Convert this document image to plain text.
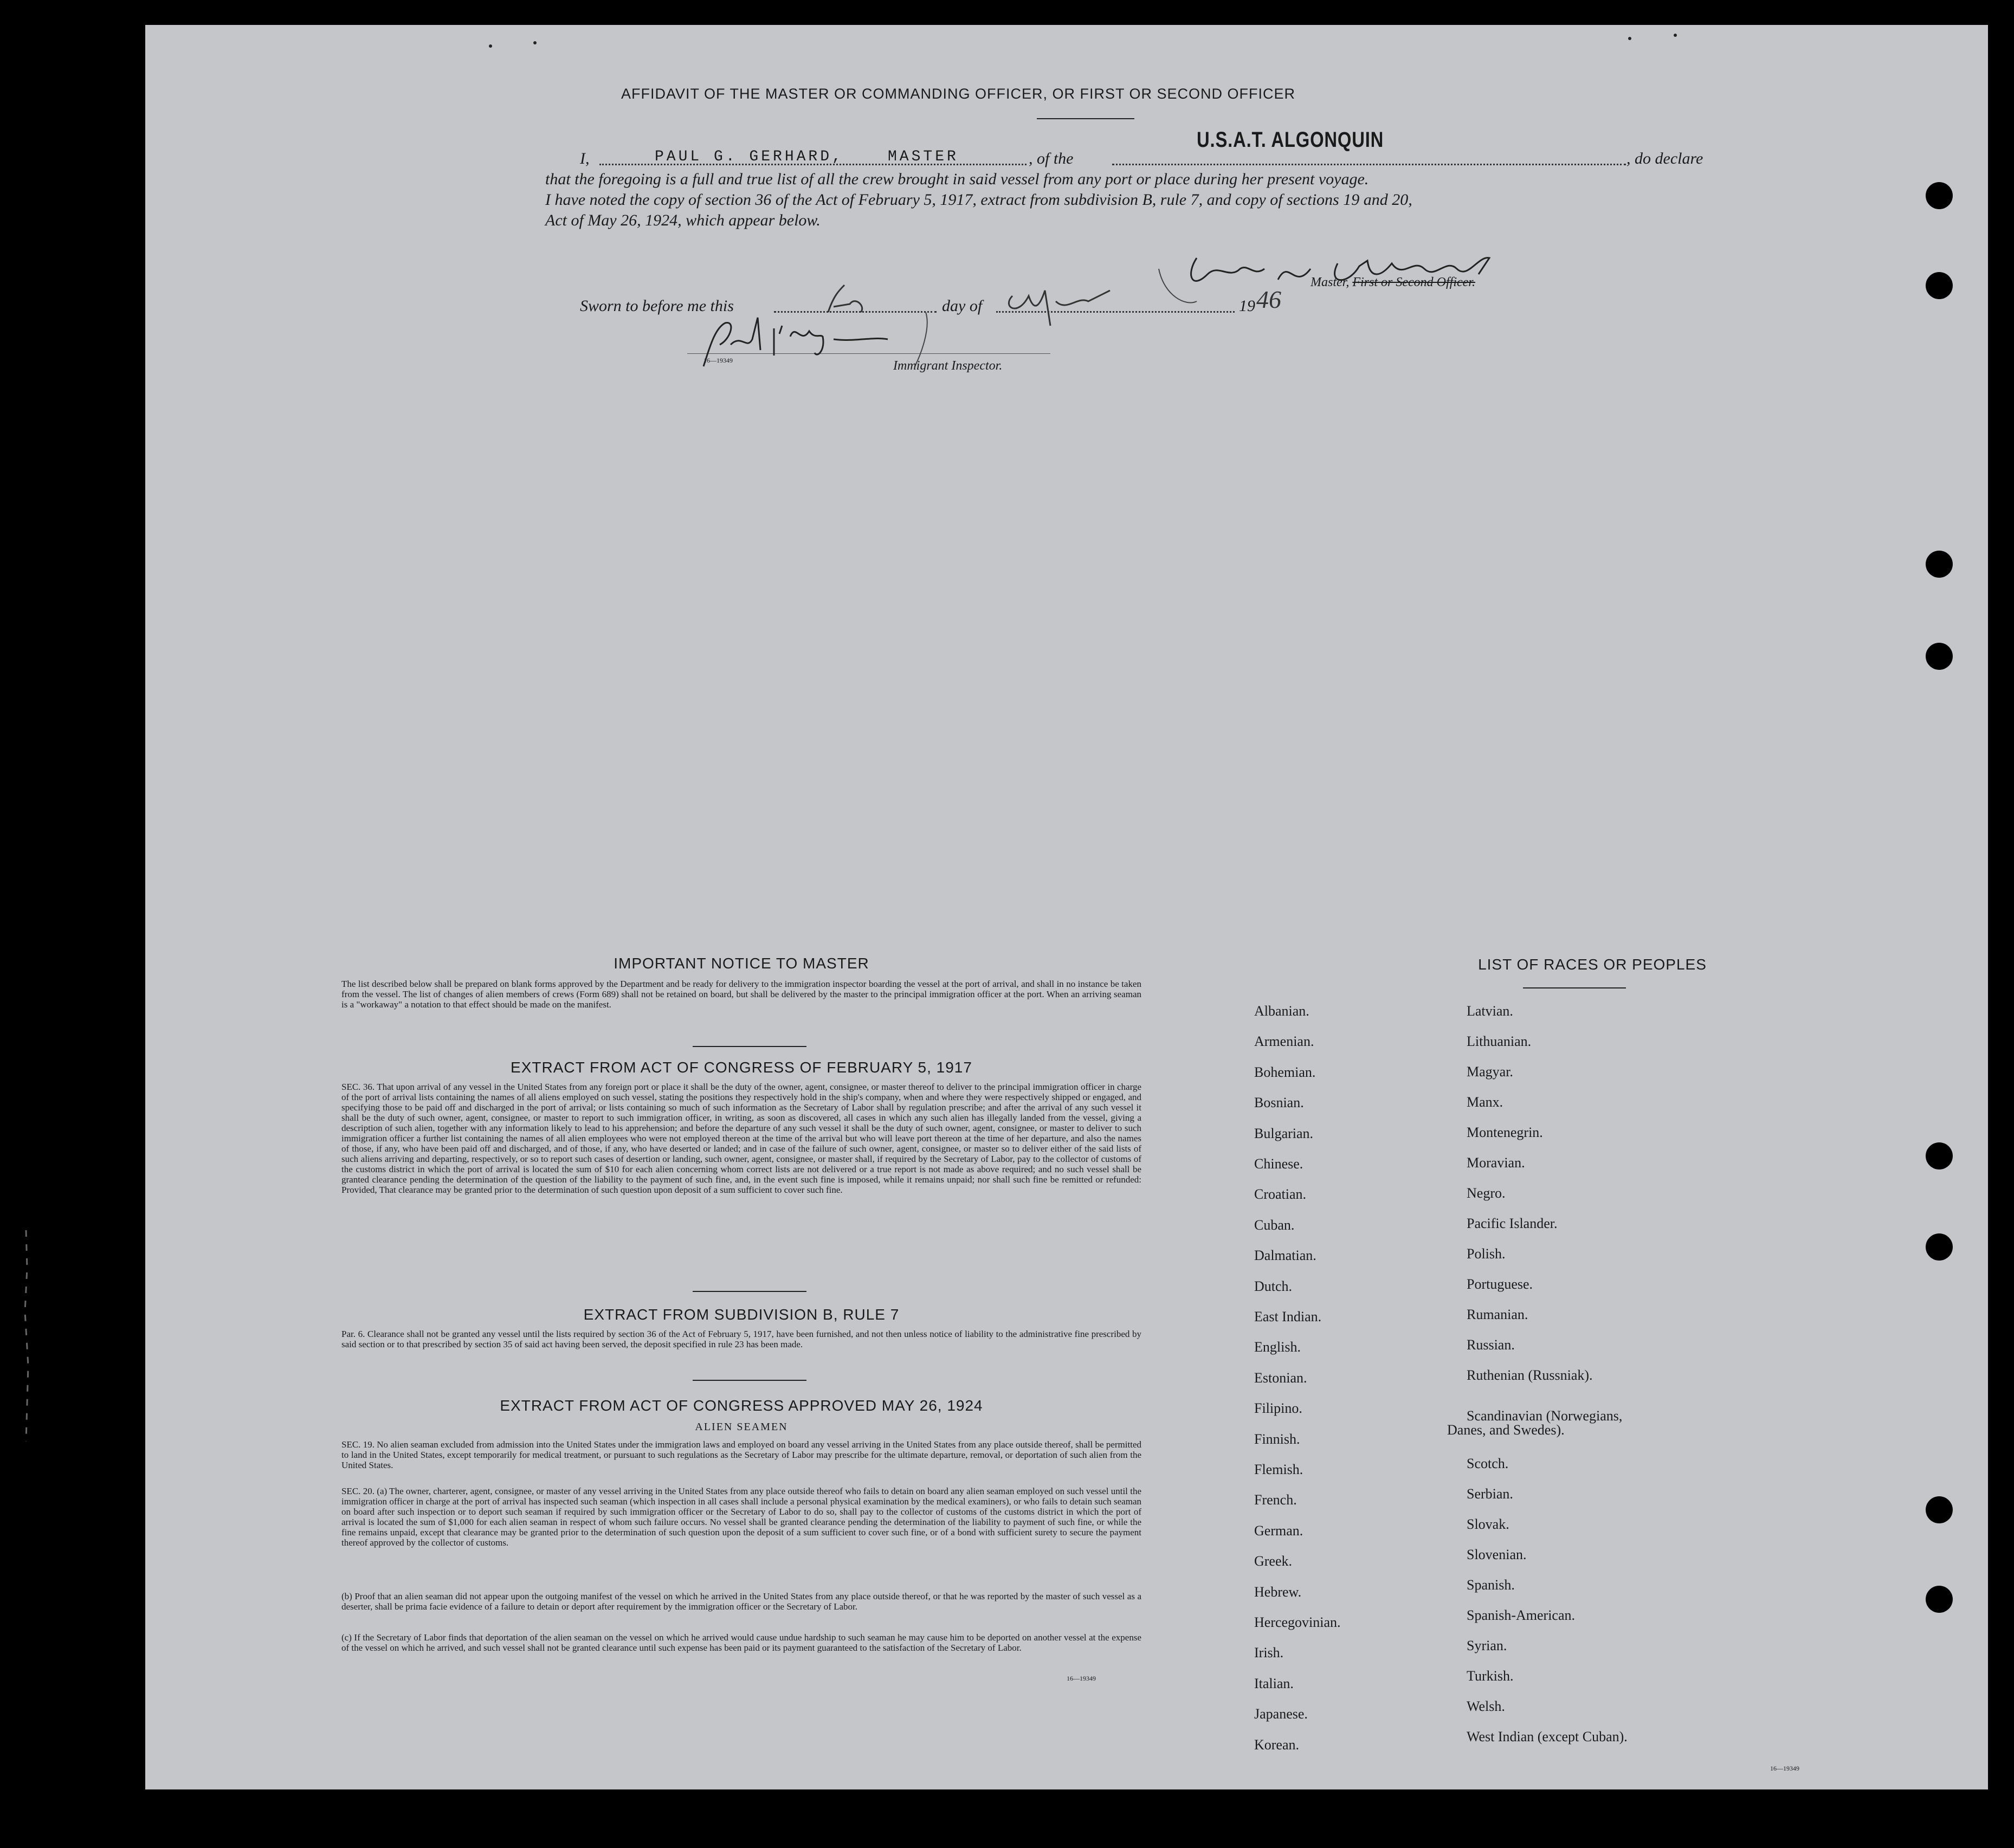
AFFIDAVIT OF THE MASTER OR COMMANDING OFFICER, OR FIRST OR SECOND OFFICER
I,	PAUL G. GERHARD,	MASTER	, of the
U.S.A.T. ALGONQUIN
, do declare
that the foregoing is a full and true list of all the crew brought in said vessel from any port or place during her present voyage.
I have noted the copy of section 36 of the Act of February 5, 1917, extract from subdivision B, rule 7, and copy of sections 19 and 20,
Act of May 26, 1924, which appear below.
Master, First or Second Officer.
Sworn to before me this	day of	19 46
16—19349	Immigrant Inspector.
IMPORTANT NOTICE TO MASTER
The list described below shall be prepared on blank forms approved by the Department and be ready for delivery to the immigration inspector boarding the vessel at the port of arrival, and shall in no instance be taken from the vessel. The list of changes of alien members of crews (Form 689) shall not be retained on board, but shall be delivered by the master to the principal immigration officer at the port. When an arriving seaman is a "workaway" a notation to that effect should be made on the manifest.
EXTRACT FROM ACT OF CONGRESS OF FEBRUARY 5, 1917
SEC. 36. That upon arrival of any vessel in the United States from any foreign port or place it shall be the duty of the owner, agent, consignee, or master thereof to deliver to the principal immigration officer in charge of the port of arrival lists containing the names of all aliens employed on such vessel, stating the positions they respectively hold in the ship's company, when and where they were respectively shipped or engaged, and specifying those to be paid off and discharged in the port of arrival; or lists containing so much of such information as the Secretary of Labor shall by regulation prescribe; and after the arrival of any such vessel it shall be the duty of such owner, agent, consignee, or master to report to such immigration officer, in writing, as soon as discovered, all cases in which any such alien has illegally landed from the vessel, giving a description of such alien, together with any information likely to lead to his apprehension; and before the departure of any such vessel it shall be the duty of such owner, agent, consignee, or master to deliver to such immigration officer a further list containing the names of all alien employees who were not employed thereon at the time of the arrival but who will leave port thereon at the time of her departure, and also the names of those, if any, who have been paid off and discharged, and of those, if any, who have deserted or landed; and in case of the failure of such owner, agent, consignee, or master so to deliver either of the said lists of such aliens arriving and departing, respectively, or so to report such cases of desertion or landing, such owner, agent, consignee, or master shall, if required by the Secretary of Labor, pay to the collector of customs of the customs district in which the port of arrival is located the sum of $10 for each alien concerning whom correct lists are not delivered or a true report is not made as above required; and no such vessel shall be granted clearance pending the determination of the question of the liability to the payment of such fine, and, in the event such fine is imposed, while it remains unpaid; nor shall such fine be remitted or refunded: Provided, That clearance may be granted prior to the determination of such question upon deposit of a sum sufficient to cover such fine.
EXTRACT FROM SUBDIVISION B, RULE 7
Par. 6. Clearance shall not be granted any vessel until the lists required by section 36 of the Act of February 5, 1917, have been furnished, and not then unless notice of liability to the administrative fine prescribed by said section or to that prescribed by section 35 of said act having been served, the deposit specified in rule 23 has been made.
EXTRACT FROM ACT OF CONGRESS APPROVED MAY 26, 1924
ALIEN SEAMEN
SEC. 19. No alien seaman excluded from admission into the United States under the immigration laws and employed on board any vessel arriving in the United States from any place outside thereof, shall be permitted to land in the United States, except temporarily for medical treatment, or pursuant to such regulations as the Secretary of Labor may prescribe for the ultimate departure, removal, or deportation of such alien from the United States.
SEC. 20. (a) The owner, charterer, agent, consignee, or master of any vessel arriving in the United States from any place outside thereof who fails to detain on board any alien seaman employed on such vessel until the immigration officer in charge at the port of arrival has inspected such seaman (which inspection in all cases shall include a personal physical examination by the medical examiners), or who fails to detain such seaman on board after such inspection or to deport such seaman if required by such immigration officer or the Secretary of Labor to do so, shall pay to the collector of customs of the customs district in which the port of arrival is located the sum of $1,000 for each alien seaman in respect of whom such failure occurs. No vessel shall be granted clearance pending the determination of the liability to payment of such fine, or while the fine remains unpaid, except that clearance may be granted prior to the determination of such question upon the deposit of a sum sufficient to cover such fine, or of a bond with sufficient surety to secure the payment thereof approved by the collector of customs.
(b) Proof that an alien seaman did not appear upon the outgoing manifest of the vessel on which he arrived in the United States from any place outside thereof, or that he was reported by the master of such vessel as a deserter, shall be prima facie evidence of a failure to detain or deport after requirement by the immigration officer or the Secretary of Labor.
(c) If the Secretary of Labor finds that deportation of the alien seaman on the vessel on which he arrived would cause undue hardship to such seaman he may cause him to be deported on another vessel at the expense of the vessel on which he arrived, and such vessel shall not be granted clearance until such expense has been paid or its payment guaranteed to the satisfaction of the Secretary of Labor.
16—19349
LIST OF RACES OR PEOPLES
Albanian.
Armenian.
Bohemian.
Bosnian.
Bulgarian.
Chinese.
Croatian.
Cuban.
Dalmatian.
Dutch.
East Indian.
English.
Estonian.
Filipino.
Finnish.
Flemish.
French.
German.
Greek.
Hebrew.
Hercegovinian.
Irish.
Italian.
Japanese.
Korean.
Latvian.
Lithuanian.
Magyar.
Manx.
Montenegrin.
Moravian.
Negro.
Pacific Islander.
Polish.
Portuguese.
Rumanian.
Russian.
Ruthenian (Russniak).
Scandinavian (Norwegians,
Danes, and Swedes).
Scotch.
Serbian.
Slovak.
Slovenian.
Spanish.
Spanish-American.
Syrian.
Turkish.
Welsh.
West Indian (except Cuban).
16—19349
